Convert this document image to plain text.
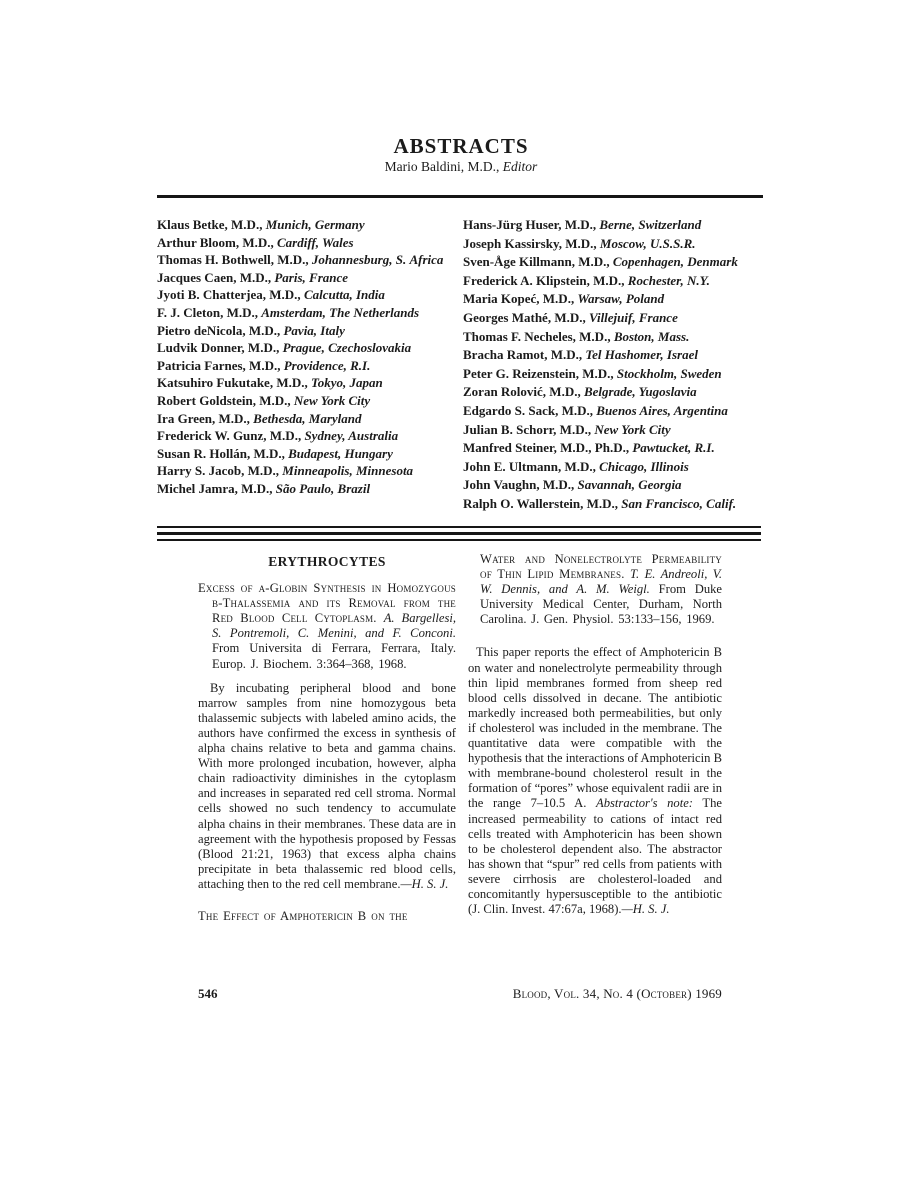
ABSTRACTS
Mario Baldini, M.D., Editor
Klaus Betke, M.D., Munich, Germany
Arthur Bloom, M.D., Cardiff, Wales
Thomas H. Bothwell, M.D., Johannesburg, S. Africa
Jacques Caen, M.D., Paris, France
Jyoti B. Chatterjea, M.D., Calcutta, India
F. J. Cleton, M.D., Amsterdam, The Netherlands
Pietro deNicola, M.D., Pavia, Italy
Ludvik Donner, M.D., Prague, Czechoslovakia
Patricia Farnes, M.D., Providence, R.I.
Katsuhiro Fukutake, M.D., Tokyo, Japan
Robert Goldstein, M.D., New York City
Ira Green, M.D., Bethesda, Maryland
Frederick W. Gunz, M.D., Sydney, Australia
Susan R. Hollán, M.D., Budapest, Hungary
Harry S. Jacob, M.D., Minneapolis, Minnesota
Michel Jamra, M.D., São Paulo, Brazil
Hans-Jürg Huser, M.D., Berne, Switzerland
Joseph Kassirsky, M.D., Moscow, U.S.S.R.
Sven-Åge Killmann, M.D., Copenhagen, Denmark
Frederick A. Klipstein, M.D., Rochester, N.Y.
Maria Kopeć, M.D., Warsaw, Poland
Georges Mathé, M.D., Villejuif, France
Thomas F. Necheles, M.D., Boston, Mass.
Bracha Ramot, M.D., Tel Hashomer, Israel
Peter G. Reizenstein, M.D., Stockholm, Sweden
Zoran Rolović, M.D., Belgrade, Yugoslavia
Edgardo S. Sack, M.D., Buenos Aires, Argentina
Julian B. Schorr, M.D., New York City
Manfred Steiner, M.D., Ph.D., Pawtucket, R.I.
John E. Ultmann, M.D., Chicago, Illinois
John Vaughn, M.D., Savannah, Georgia
Ralph O. Wallerstein, M.D., San Francisco, Calif.
ERYTHROCYTES
Excess of α-Globin Synthesis in Homozygous β-Thalassemia and its Removal from the Red Blood Cell Cytoplasm. A. Bargellesi, S. Pontremoli, C. Menini, and F. Conconi. From Universita di Ferrara, Ferrara, Italy. Europ. J. Biochem. 3:364–368, 1968.

By incubating peripheral blood and bone marrow samples from nine homozygous beta thalassemic subjects with labeled amino acids, the authors have confirmed the excess in synthesis of alpha chains relative to beta and gamma chains. With more prolonged incubation, however, alpha chain radioactivity diminishes in the cytoplasm and increases in separated red cell stroma. Normal cells showed no such tendency to accumulate alpha chains in their membranes. These data are in agreement with the hypothesis proposed by Fessas (Blood 21:21, 1963) that excess alpha chains precipitate in beta thalassemic red blood cells, attaching then to the red cell membrane.—H. S. J.

The Effect of Amphotericin B on the
Water and Nonelectrolyte Permeability of Thin Lipid Membranes. T. E. Andreoli, V. W. Dennis, and A. M. Weigl. From Duke University Medical Center, Durham, North Carolina. J. Gen. Physiol. 53:133–156, 1969.

This paper reports the effect of Amphotericin B on water and nonelectrolyte permeability through thin lipid membranes formed from sheep red blood cells dissolved in decane. The antibiotic markedly increased both permeabilities, but only if cholesterol was included in the membrane. The quantitative data were compatible with the hypothesis that the interactions of Amphotericin B with membrane-bound cholesterol result in the formation of “pores” whose equivalent radii are in the range 7–10.5 A. Abstractor's note: The increased permeability to cations of intact red cells treated with Amphotericin has been shown to be cholesterol dependent also. The abstractor has shown that “spur” red cells from patients with severe cirrhosis are cholesterol-loaded and concomitantly hypersusceptible to the antibiotic (J. Clin. Invest. 47:67a, 1968).—H. S. J.

546	Blood, Vol. 34, No. 4 (October) 1969
